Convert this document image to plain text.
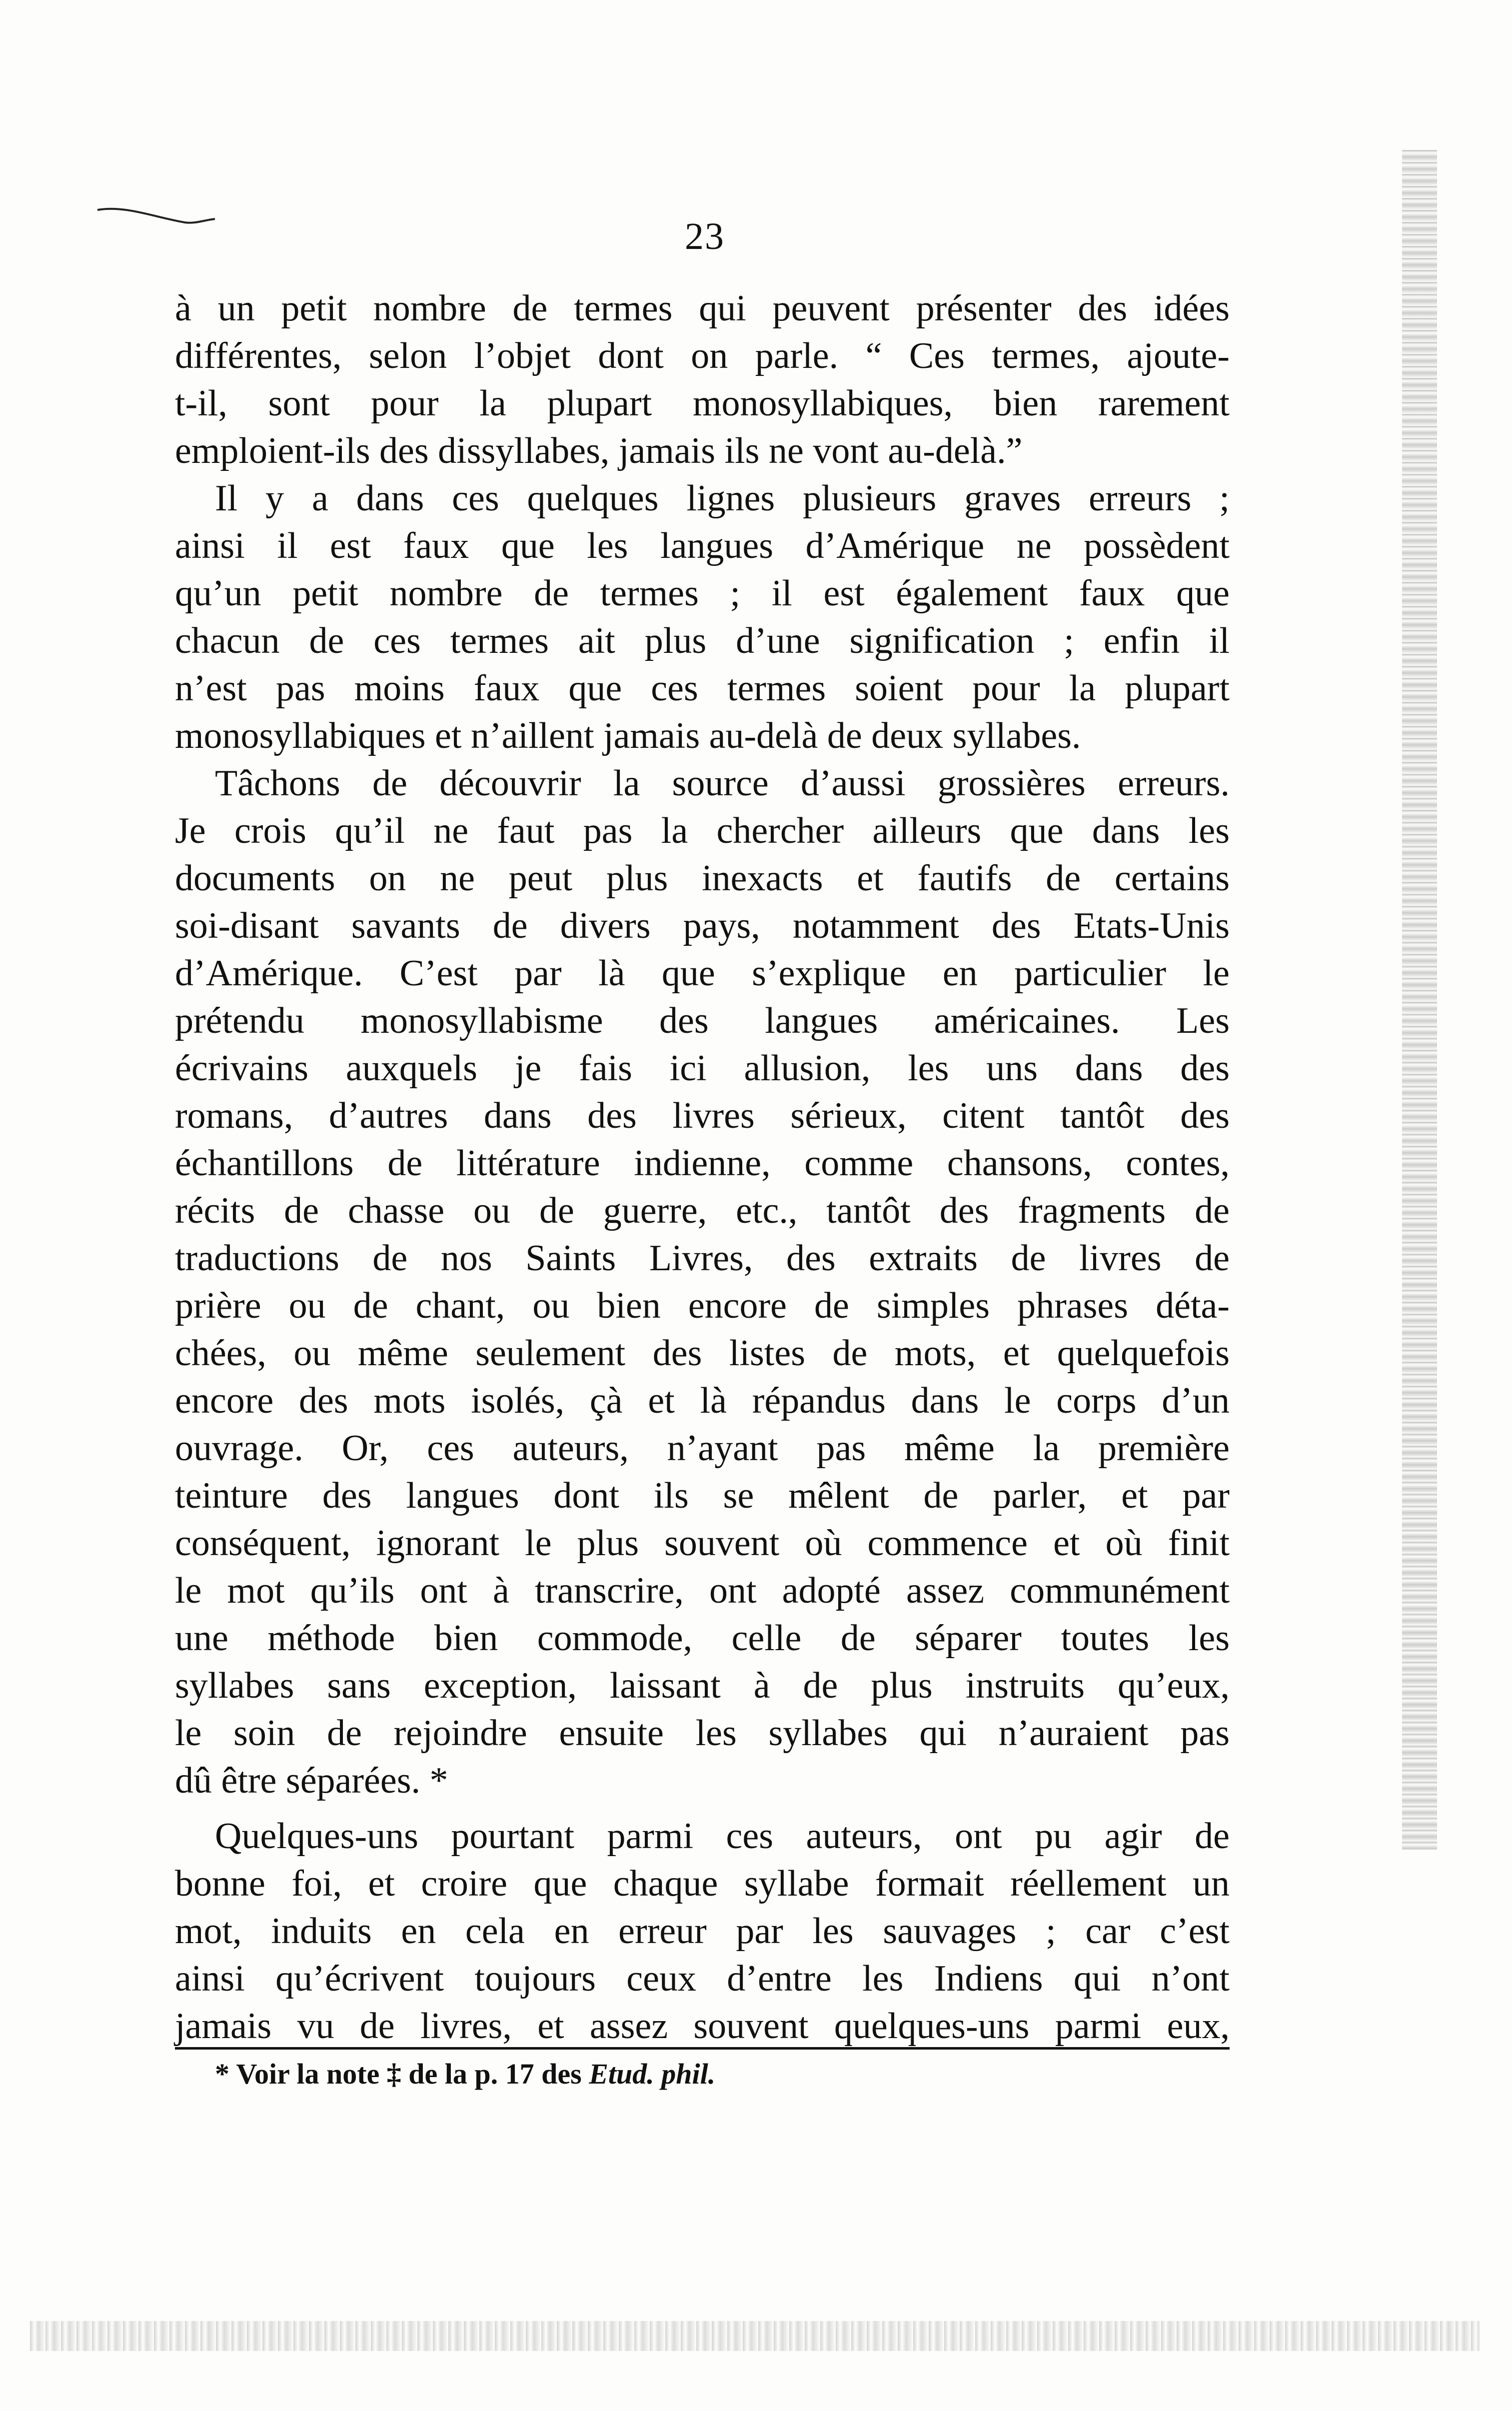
23
à un petit nombre de termes qui peuvent présenter des idées
différentes, selon l’objet dont on parle. “ Ces termes, ajoute-
t-il, sont pour la plupart monosyllabiques, bien rarement
emploient-ils des dissyllabes, jamais ils ne vont au-delà.”
Il y a dans ces quelques lignes plusieurs graves erreurs ;
ainsi il est faux que les langues d’Amérique ne possèdent
qu’un petit nombre de termes ; il est également faux que
chacun de ces termes ait plus d’une signification ; enfin il
n’est pas moins faux que ces termes soient pour la plupart
monosyllabiques et n’aillent jamais au-delà de deux syllabes.
Tâchons de découvrir la source d’aussi grossières erreurs.
Je crois qu’il ne faut pas la chercher ailleurs que dans les
documents on ne peut plus inexacts et fautifs de certains
soi-disant savants de divers pays, notamment des Etats-Unis
d’Amérique. C’est par là que s’explique en particulier le
prétendu monosyllabisme des langues américaines. Les
écrivains auxquels je fais ici allusion, les uns dans des
romans, d’autres dans des livres sérieux, citent tantôt des
échantillons de littérature indienne, comme chansons, contes,
récits de chasse ou de guerre, etc., tantôt des fragments de
traductions de nos Saints Livres, des extraits de livres de
prière ou de chant, ou bien encore de simples phrases déta-
chées, ou même seulement des listes de mots, et quelquefois
encore des mots isolés, çà et là répandus dans le corps d’un
ouvrage. Or, ces auteurs, n’ayant pas même la première
teinture des langues dont ils se mêlent de parler, et par
conséquent, ignorant le plus souvent où commence et où finit
le mot qu’ils ont à transcrire, ont adopté assez communément
une méthode bien commode, celle de séparer toutes les
syllabes sans exception, laissant à de plus instruits qu’eux,
le soin de rejoindre ensuite les syllabes qui n’auraient pas
dû être séparées. *
Quelques-uns pourtant parmi ces auteurs, ont pu agir de
bonne foi, et croire que chaque syllabe formait réellement un
mot, induits en cela en erreur par les sauvages ; car c’est
ainsi qu’écrivent toujours ceux d’entre les Indiens qui n’ont
jamais vu de livres, et assez souvent quelques-uns parmi eux,
* Voir la note ‡ de la p. 17 des Etud. phil.
